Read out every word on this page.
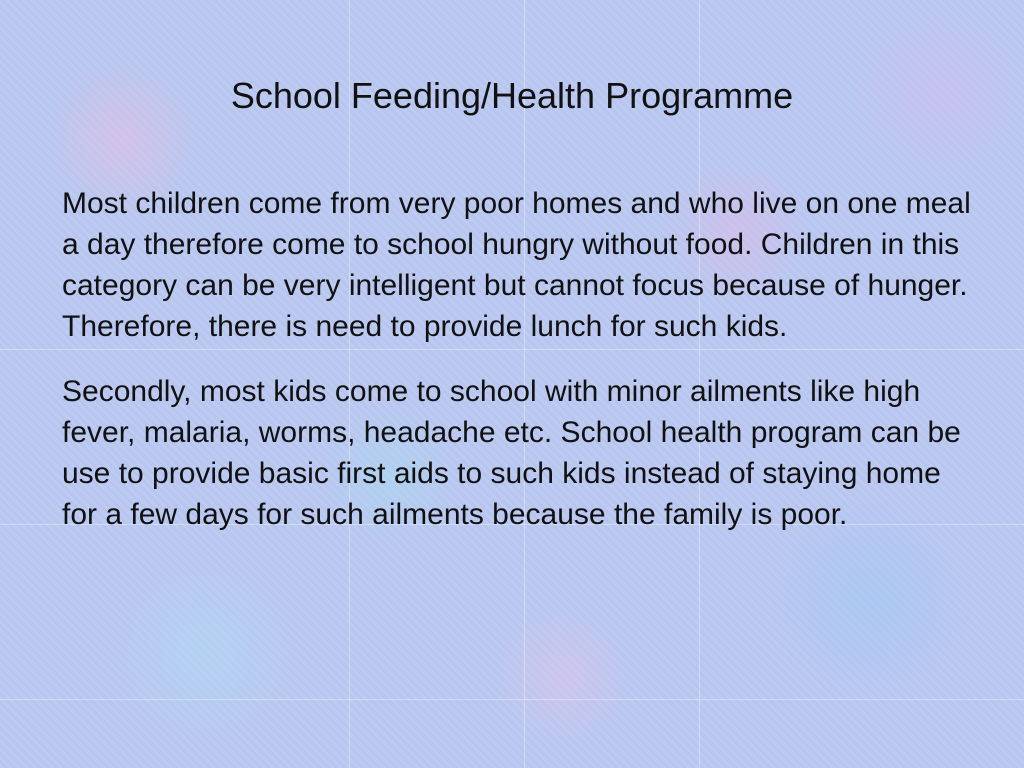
School Feeding/Health Programme

Most children come from very poor homes and who live on one meal a day therefore come to school hungry without food. Children in this category can be very intelligent but cannot focus because of hunger. Therefore, there is need to provide lunch for such kids.

Secondly, most kids come to school with minor ailments like high fever, malaria, worms, headache etc. School health program can be use to provide basic first aids to such kids instead of staying home for a few days for such ailments because the family is poor.
